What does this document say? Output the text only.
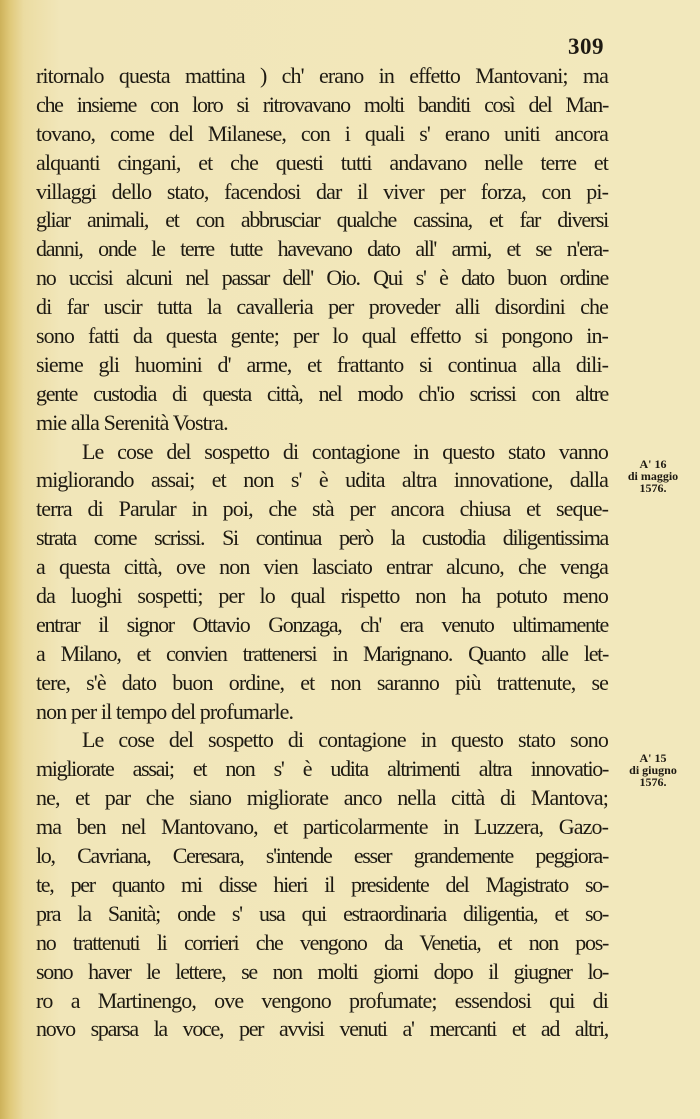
309
ritornalo questa mattina ) ch' erano in effetto Mantovani; ma
che insieme con loro si ritrovavano molti banditi così del Man-
tovano, come del Milanese, con i quali s' erano uniti ancora
alquanti cingani, et che questi tutti andavano nelle terre et
villaggi dello stato, facendosi dar il viver per forza, con pi-
gliar animali, et con abbrusciar qualche cassina, et far diversi
danni, onde le terre tutte havevano dato all' armi, et se n'era-
no uccisi alcuni nel passar dell' Oio. Qui s' è dato buon ordine
di far uscir tutta la cavalleria per proveder alli disordini che
sono fatti da questa gente; per lo qual effetto si pongono in-
sieme gli huomini d' arme, et frattanto si continua alla dili-
gente custodia di questa città, nel modo ch'io scrissi con altre
mie alla Serenità Vostra.
Le cose del sospetto di contagione in questo stato vanno
migliorando assai; et non s' è udita altra innovatione, dalla
terra di Parular in poi, che stà per ancora chiusa et seque-
strata come scrissi. Si continua però la custodia diligentissima
a questa città, ove non vien lasciato entrar alcuno, che venga
da luoghi sospetti; per lo qual rispetto non ha potuto meno
entrar il signor Ottavio Gonzaga, ch' era venuto ultimamente
a Milano, et convien trattenersi in Marignano. Quanto alle let-
tere, s'è dato buon ordine, et non saranno più trattenute, se
non per il tempo del profumarle.
Le cose del sospetto di contagione in questo stato sono
migliorate assai; et non s' è udita altrimenti altra innovatio-
ne, et par che siano migliorate anco nella città di Mantova;
ma ben nel Mantovano, et particolarmente in Luzzera, Gazo-
lo, Cavriana, Ceresara, s'intende esser grandemente peggiora-
te, per quanto mi disse hieri il presidente del Magistrato so-
pra la Sanità; onde s' usa qui estraordinaria diligentia, et so-
no trattenuti li corrieri che vengono da Venetia, et non pos-
sono haver le lettere, se non molti giorni dopo il giugner lo-
ro a Martinengo, ove vengono profumate; essendosi qui di
novo sparsa la voce, per avvisi venuti a' mercanti et ad altri,
A' 16
di maggio
1576.
A' 15
di giugno
1576.
